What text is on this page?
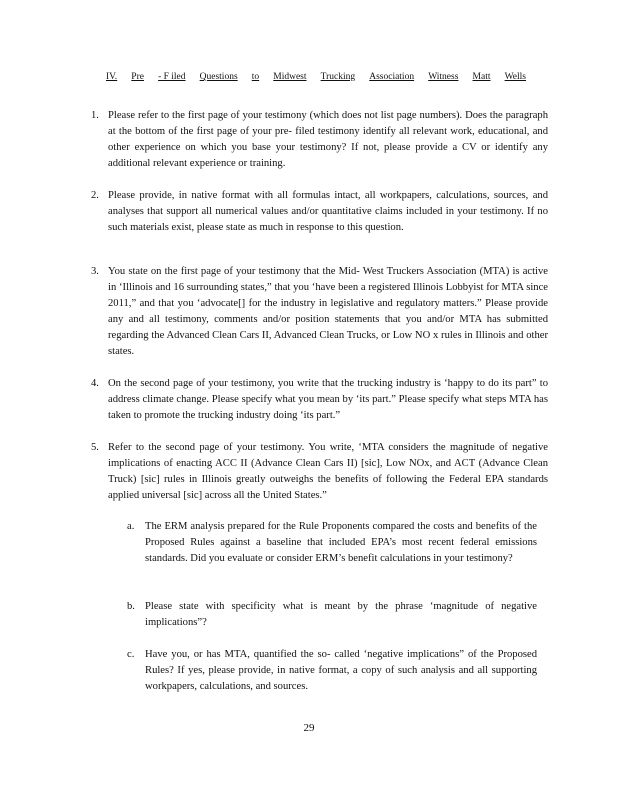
IV. Pre - F iled Questions to Midwest Trucking Association Witness Matt Wells
1. Please refer to the first page of your testimony (which does not list page numbers). Does the paragraph at the bottom of the first page of your pre- filed testimony identify all relevant work, educational, and other experience on which you base your testimony? If not, please provide a CV or identify any additional relevant experience or training.
2. Please provide, in native format with all formulas intact, all workpapers, calculations, sources, and analyses that support all numerical values and/or quantitative claims included in your testimony. If no such materials exist, please state as much in response to this question.
3. You state on the first page of your testimony that the Mid- West Truckers Association (MTA) is active in ‘Illinois and 16 surrounding states,” that you ‘have been a registered Illinois Lobbyist for MTA since 2011,” and that you ‘advocate[] for the industry in legislative and regulatory matters.” Please provide any and all testimony, comments and/or position statements that you and/or MTA has submitted regarding the Advanced Clean Cars II, Advanced Clean Trucks, or Low NO x rules in Illinois and other states.
4. On the second page of your testimony, you write that the trucking industry is ‘happy to do its part” to address climate change. Please specify what you mean by ‘its part.” Please specify what steps MTA has taken to promote the trucking industry doing ‘its part.”
5. Refer to the second page of your testimony. You write, ‘MTA considers the magnitude of negative implications of enacting ACC II (Advance Clean Cars II) [sic], Low NOx, and ACT (Advance Clean Truck) [sic] rules in Illinois greatly outweighs the benefits of following the Federal EPA standards applied universal [sic] across all the United States.”
a. The ERM analysis prepared for the Rule Proponents compared the costs and benefits of the Proposed Rules against a baseline that included EPA’s most recent federal emissions standards. Did you evaluate or consider ERM’s benefit calculations in your testimony?
b. Please state with specificity what is meant by the phrase ‘magnitude of negative implications”?
c. Have you, or has MTA, quantified the so- called ‘negative implications” of the Proposed Rules? If yes, please provide, in native format, a copy of such analysis and all supporting workpapers, calculations, and sources.
29
